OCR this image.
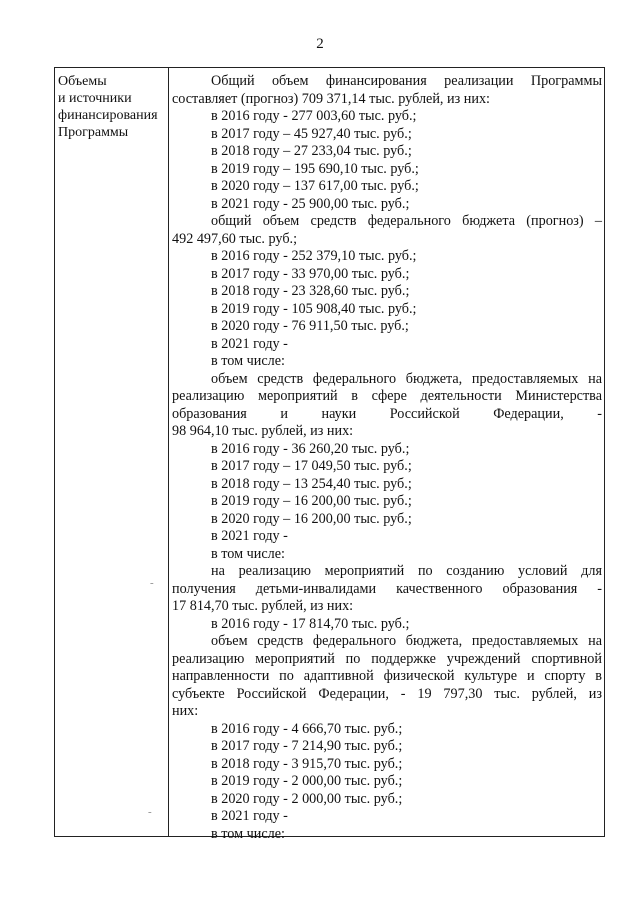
2
Объемы
и источники
финансирования
Программы
Общий объем финансирования реализации Программы
составляет (прогноз) 709 371,14 тыс. рублей, из них:
в 2016 году - 277 003,60 тыс. руб.;
в 2017 году – 45 927,40 тыс. руб.;
в 2018 году – 27 233,04 тыс. руб.;
в 2019 году – 195 690,10 тыс. руб.;
в 2020 году – 137 617,00 тыс. руб.;
в 2021 году - 25 900,00 тыс. руб.;
общий объем средств федерального бюджета (прогноз) –
492 497,60 тыс. руб.;
в 2016 году - 252 379,10 тыс. руб.;
в 2017 году - 33 970,00 тыс. руб.;
в 2018 году - 23 328,60 тыс. руб.;
в 2019 году - 105 908,40 тыс. руб.;
в 2020 году - 76 911,50 тыс. руб.;
в 2021 году -
в том числе:
объем средств федерального бюджета, предоставляемых на
реализацию мероприятий в сфере деятельности Министерства
образования и науки Российской Федерации, -
98 964,10 тыс. рублей, из них:
в 2016 году - 36 260,20 тыс. руб.;
в 2017 году – 17 049,50 тыс. руб.;
в 2018 году – 13 254,40 тыс. руб.;
в 2019 году – 16 200,00 тыс. руб.;
в 2020 году – 16 200,00 тыс. руб.;
в 2021 году -
в том числе:
на реализацию мероприятий по созданию условий для
получения детьми-инвалидами качественного образования -
17 814,70 тыс. рублей, из них:
в 2016 году - 17 814,70 тыс. руб.;
объем средств федерального бюджета, предоставляемых на
реализацию мероприятий по поддержке учреждений спортивной
направленности по адаптивной физической культуре и спорту в
субъекте Российской Федерации, - 19 797,30 тыс. рублей, из
них:
в 2016 году - 4 666,70 тыс. руб.;
в 2017 году - 7 214,90 тыс. руб.;
в 2018 году - 3 915,70 тыс. руб.;
в 2019 году - 2 000,00 тыс. руб.;
в 2020 году - 2 000,00 тыс. руб.;
в 2021 году -
в том числе:
-
-
